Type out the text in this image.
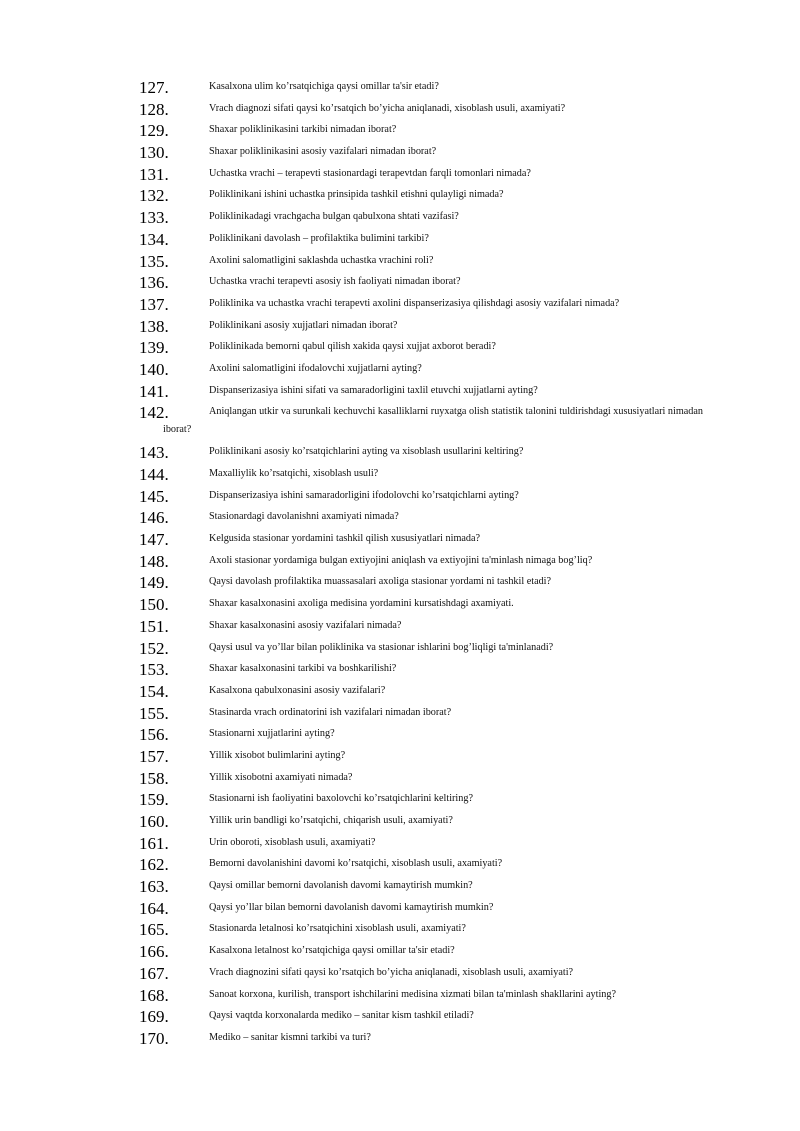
127.	Kasalxona ulim ko’rsatqichiga qaysi omillar ta'sir etadi?
128.	Vrach diagnozi sifati qaysi ko’rsatqich bo’yicha aniqlanadi, xisoblash usuli, axamiyati?
129.	Shaxar poliklinikasini tarkibi nimadan iborat?
130.	Shaxar poliklinikasini asosiy vazifalari nimadan iborat?
131.	Uchastka vrachi – terapevti stasionardagi terapevtdan farqli tomonlari nimada?
132.	Poliklinikani ishini uchastka prinsipida tashkil etishni qulayligi nimada?
133.	Poliklinikadagi vrachgacha bulgan qabulxona shtati vazifasi?
134.	Poliklinikani davolash – profilaktika bulimini tarkibi?
135.	Axolini salomatligini saklashda uchastka vrachini roli?
136.	Uchastka vrachi terapevti asosiy ish faoliyati nimadan iborat?
137.	Poliklinika va uchastka vrachi terapevti axolini dispanserizasiya qilishdagi asosiy vazifalari nimada?
138.	Poliklinikani asosiy xujjatlari nimadan iborat?
139.	Poliklinikada bemorni qabul qilish xakida qaysi xujjat axborot beradi?
140.	Axolini salomatligini ifodalovchi xujjatlarni ayting?
141.	Dispanserizasiya ishini sifati va samaradorligini taxlil etuvchi xujjatlarni ayting?
142.	Aniqlangan utkir va surunkali kechuvchi kasalliklarni ruyxatga olish statistik talonini tuldirishdagi xususiyatlari nimadan
iborat?
143.	Poliklinikani asosiy ko’rsatqichlarini ayting va xisoblash usullarini keltiring?
144.	Maxalliylik ko’rsatqichi, xisoblash usuli?
145.	Dispanserizasiya ishini samaradorligini ifodolovchi ko’rsatqichlarni ayting?
146.	Stasionardagi davolanishni axamiyati nimada?
147.	Kelgusida stasionar yordamini tashkil qilish xususiyatlari nimada?
148.	Axoli stasionar yordamiga bulgan extiyojini aniqlash va extiyojini ta'minlash nimaga bog’liq?
149.	Qaysi davolash profilaktika muassasalari axoliga stasionar yordami ni tashkil etadi?
150.	Shaxar kasalxonasini axoliga medisina yordamini kursatishdagi axamiyati.
151.	Shaxar kasalxonasini asosiy vazifalari nimada?
152.	Qaysi usul va yo’llar bilan poliklinika va stasionar ishlarini bog’liqligi ta'minlanadi?
153.	Shaxar kasalxonasini tarkibi va boshkarilishi?
154.	Kasalxona qabulxonasini asosiy vazifalari?
155.	Stasinarda vrach ordinatorini ish vazifalari nimadan iborat?
156.	Stasionarni xujjatlarini ayting?
157.	Yillik xisobot bulimlarini ayting?
158.	Yillik xisobotni axamiyati nimada?
159.	Stasionarni ish faoliyatini baxolovchi ko’rsatqichlarini keltiring?
160.	Yillik urin bandligi ko’rsatqichi, chiqarish usuli, axamiyati?
161.	Urin oboroti, xisoblash usuli, axamiyati?
162.	Bemorni davolanishini davomi ko’rsatqichi, xisoblash usuli, axamiyati?
163.	Qaysi omillar bemorni davolanish davomi kamaytirish mumkin?
164.	Qaysi yo’llar bilan bemorni davolanish davomi kamaytirish mumkin?
165.	Stasionarda letalnosi ko’rsatqichini xisoblash usuli, axamiyati?
166.	Kasalxona letalnost ko’rsatqichiga qaysi omillar ta'sir etadi?
167.	Vrach diagnozini sifati qaysi ko’rsatqich bo’yicha aniqlanadi, xisoblash usuli, axamiyati?
168.	Sanoat korxona, kurilish, transport ishchilarini medisina xizmati bilan ta'minlash shakllarini ayting?
169.	Qaysi vaqtda korxonalarda mediko – sanitar kism tashkil etiladi?
170.	Mediko – sanitar kismni tarkibi va turi?
